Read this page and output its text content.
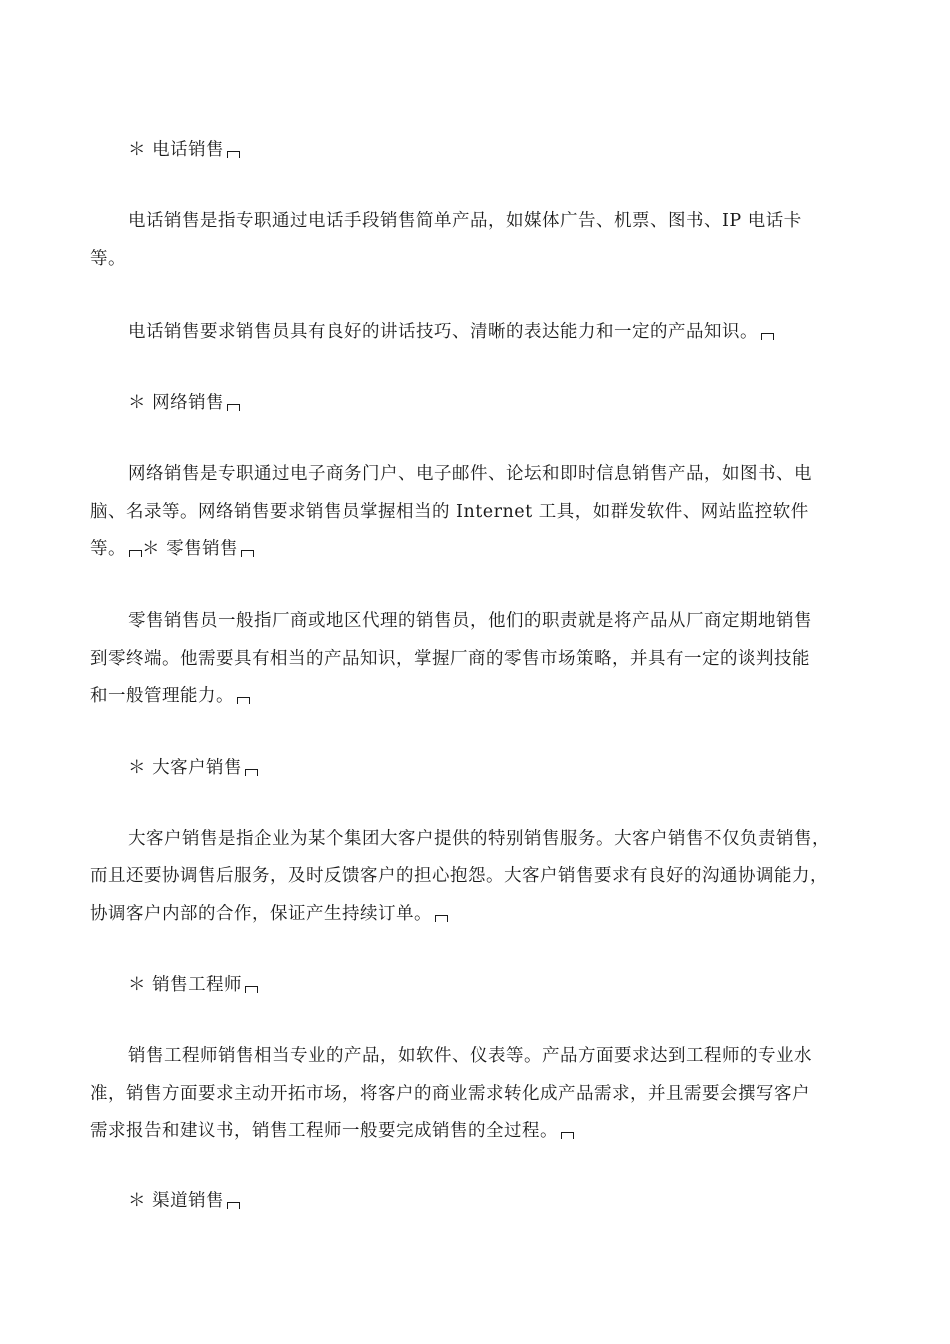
＊ 电话销售
电话销售是指专职通过电话手段销售简单产品，如媒体广告、机票、图书、IP 电话卡
等。
电话销售要求销售员具有良好的讲话技巧、清晰的表达能力和一定的产品知识。
＊ 网络销售
网络销售是专职通过电子商务门户、电子邮件、论坛和即时信息销售产品，如图书、电
脑、名录等。网络销售要求销售员掌握相当的 Internet 工具，如群发软件、网站监控软件
等。 ＊ 零售销售
零售销售员一般指厂商或地区代理的销售员，他们的职责就是将产品从厂商定期地销售
到零终端。他需要具有相当的产品知识，掌握厂商的零售市场策略，并具有一定的谈判技能
和一般管理能力。
＊ 大客户销售
大客户销售是指企业为某个集团大客户提供的特别销售服务。大客户销售不仅负责销售，
而且还要协调售后服务，及时反馈客户的担心抱怨。大客户销售要求有良好的沟通协调能力，
协调客户内部的合作，保证产生持续订单。
＊ 销售工程师
销售工程师销售相当专业的产品，如软件、仪表等。产品方面要求达到工程师的专业水
准，销售方面要求主动开拓市场，将客户的商业需求转化成产品需求，并且需要会撰写客户
需求报告和建议书，销售工程师一般要完成销售的全过程。
＊ 渠道销售
